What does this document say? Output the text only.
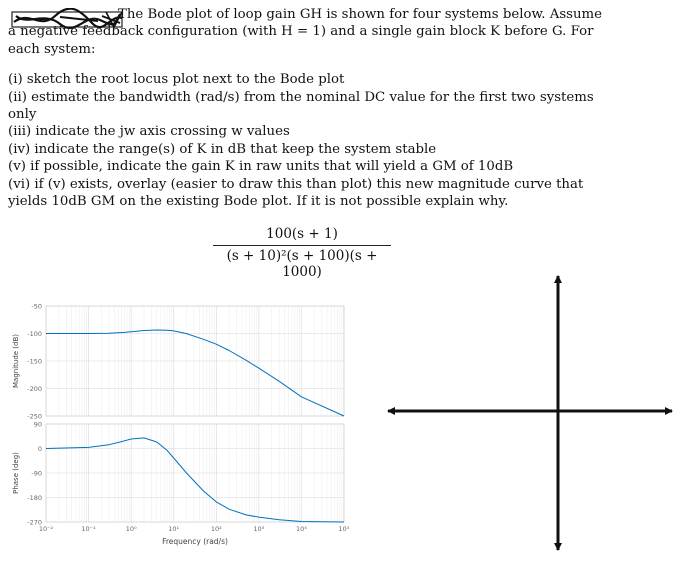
The Bode plot of loop gain GH is shown for four systems below. Assume a negative feedback configuration (with H = 1) and a single gain block K before G. For each system:

(i) sketch the root locus plot next to the Bode plot
(ii) estimate the bandwidth (rad/s) from the nominal DC value for the first two systems only
(iii) indicate the jw axis crossing w values
(iv) indicate the range(s) of K in dB that keep the system stable
(v) if possible, indicate the gain K in raw units that will yield a GM of 10dB
(vi) if (v) exists, overlay (easier to draw this than plot) this new magnitude curve that yields 10dB GM on the existing Bode plot. If it is not possible explain why.
100(s + 1)
(s + 10)²(s + 100)(s + 1000)
-50
-100
-150
-200
-250
Magnitude (dB)
90
0
-90
-180
-270
Phase (deg)
10⁻²	10⁻¹	10⁰	10¹	10²	10³	10⁴	10⁵
Frequency (rad/s)
